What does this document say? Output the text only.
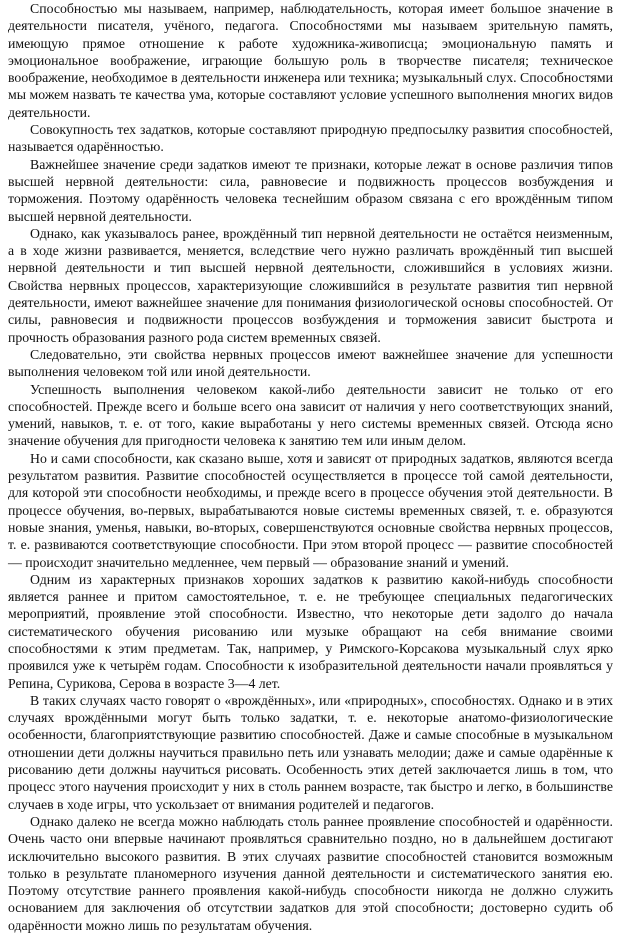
Способностью мы называем, например, наблюдательность, которая имеет большое значение в деятельности писателя, учёного, педагога. Способностями мы называем зрительную память, имеющую прямое отношение к работе художника-живописца; эмоциональную память и эмоциональное воображение, играющие большую роль в творчестве писателя; техническое воображение, необходимое в деятельности инженера или техника; музыкальный слух. Способностями мы можем назвать те качества ума, которые составляют условие успешного выполнения многих видов деятельности.

Совокупность тех задатков, которые составляют природную предпосылку развития способностей, называется одарённостью.

Важнейшее значение среди задатков имеют те признаки, которые лежат в основе различия типов высшей нервной деятельности: сила, равновесие и подвижность процессов возбуждения и торможения. Поэтому одарённость человека теснейшим образом связана с его врождённым типом высшей нервной деятельности.

Однако, как указывалось ранее, врождённый тип нервной деятельности не остаётся неизменным, а в ходе жизни развивается, меняется, вследствие чего нужно различать врождённый тип высшей нервной деятельности и тип высшей нервной деятельности, сложившийся в условиях жизни. Свойства нервных процессов, характеризующие сложившийся в результате развития тип нервной деятельности, имеют важнейшее значение для понимания физиологической основы способностей. От силы, равновесия и подвижности процессов возбуждения и торможения зависит быстрота и прочность образования разного рода систем временных связей.

Следовательно, эти свойства нервных процессов имеют важнейшее значение для успешности выполнения человеком той или иной деятельности.

Успешность выполнения человеком какой-либо деятельности зависит не только от его способностей. Прежде всего и больше всего она зависит от наличия у него соответствующих знаний, умений, навыков, т. е. от того, какие выработаны у него системы временных связей. Отсюда ясно значение обучения для пригодности человека к занятию тем или иным делом.

Но и сами способности, как сказано выше, хотя и зависят от природных задатков, являются всегда результатом развития. Развитие способностей осуществляется в процессе той самой деятельности, для которой эти способности необходимы, и прежде всего в процессе обучения этой деятельности. В процессе обучения, во-первых, вырабатываются новые системы временных связей, т. е. образуются новые знания, уменья, навыки, во-вторых, совершенствуются основные свойства нервных процессов, т. е. развиваются соответствующие способности. При этом второй процесс — развитие способностей — происходит значительно медленнее, чем первый — образование знаний и умений.

Одним из характерных признаков хороших задатков к развитию какой-нибудь способности является раннее и притом самостоятельное, т. е. не требующее специальных педагогических мероприятий, проявление этой способности. Известно, что некоторые дети задолго до начала систематического обучения рисованию или музыке обращают на себя внимание своими способностями к этим предметам. Так, например, у Римского-Корсакова музыкальный слух ярко проявился уже к четырём годам. Способности к изобразительной деятельности начали проявляться у Репина, Сурикова, Серова в возрасте 3—4 лет.

В таких случаях часто говорят о «врождённых», или «природных», способностях. Однако и в этих случаях врождёнными могут быть только задатки, т. е. некоторые анатомо-физиологические особенности, благоприятствующие развитию способностей. Даже и самые способные в музыкальном отношении дети должны научиться правильно петь или узнавать мелодии; даже и самые одарённые к рисованию дети должны научиться рисовать. Особенность этих детей заключается лишь в том, что процесс этого научения происходит у них в столь раннем возрасте, так быстро и легко, в большинстве случаев в ходе игры, что ускользает от внимания родителей и педагогов.

Однако далеко не всегда можно наблюдать столь раннее проявление способностей и одарённости. Очень часто они впервые начинают проявляться сравнительно поздно, но в дальнейшем достигают исключительно высокого развития. В этих случаях развитие способностей становится возможным только в результате планомерного изучения данной деятельности и систематического занятия ею. Поэтому отсутствие раннего проявления какой-нибудь способности никогда не должно служить основанием для заключения об отсутствии задатков для этой способности; достоверно судить об одарённости можно лишь по результатам обучения.
